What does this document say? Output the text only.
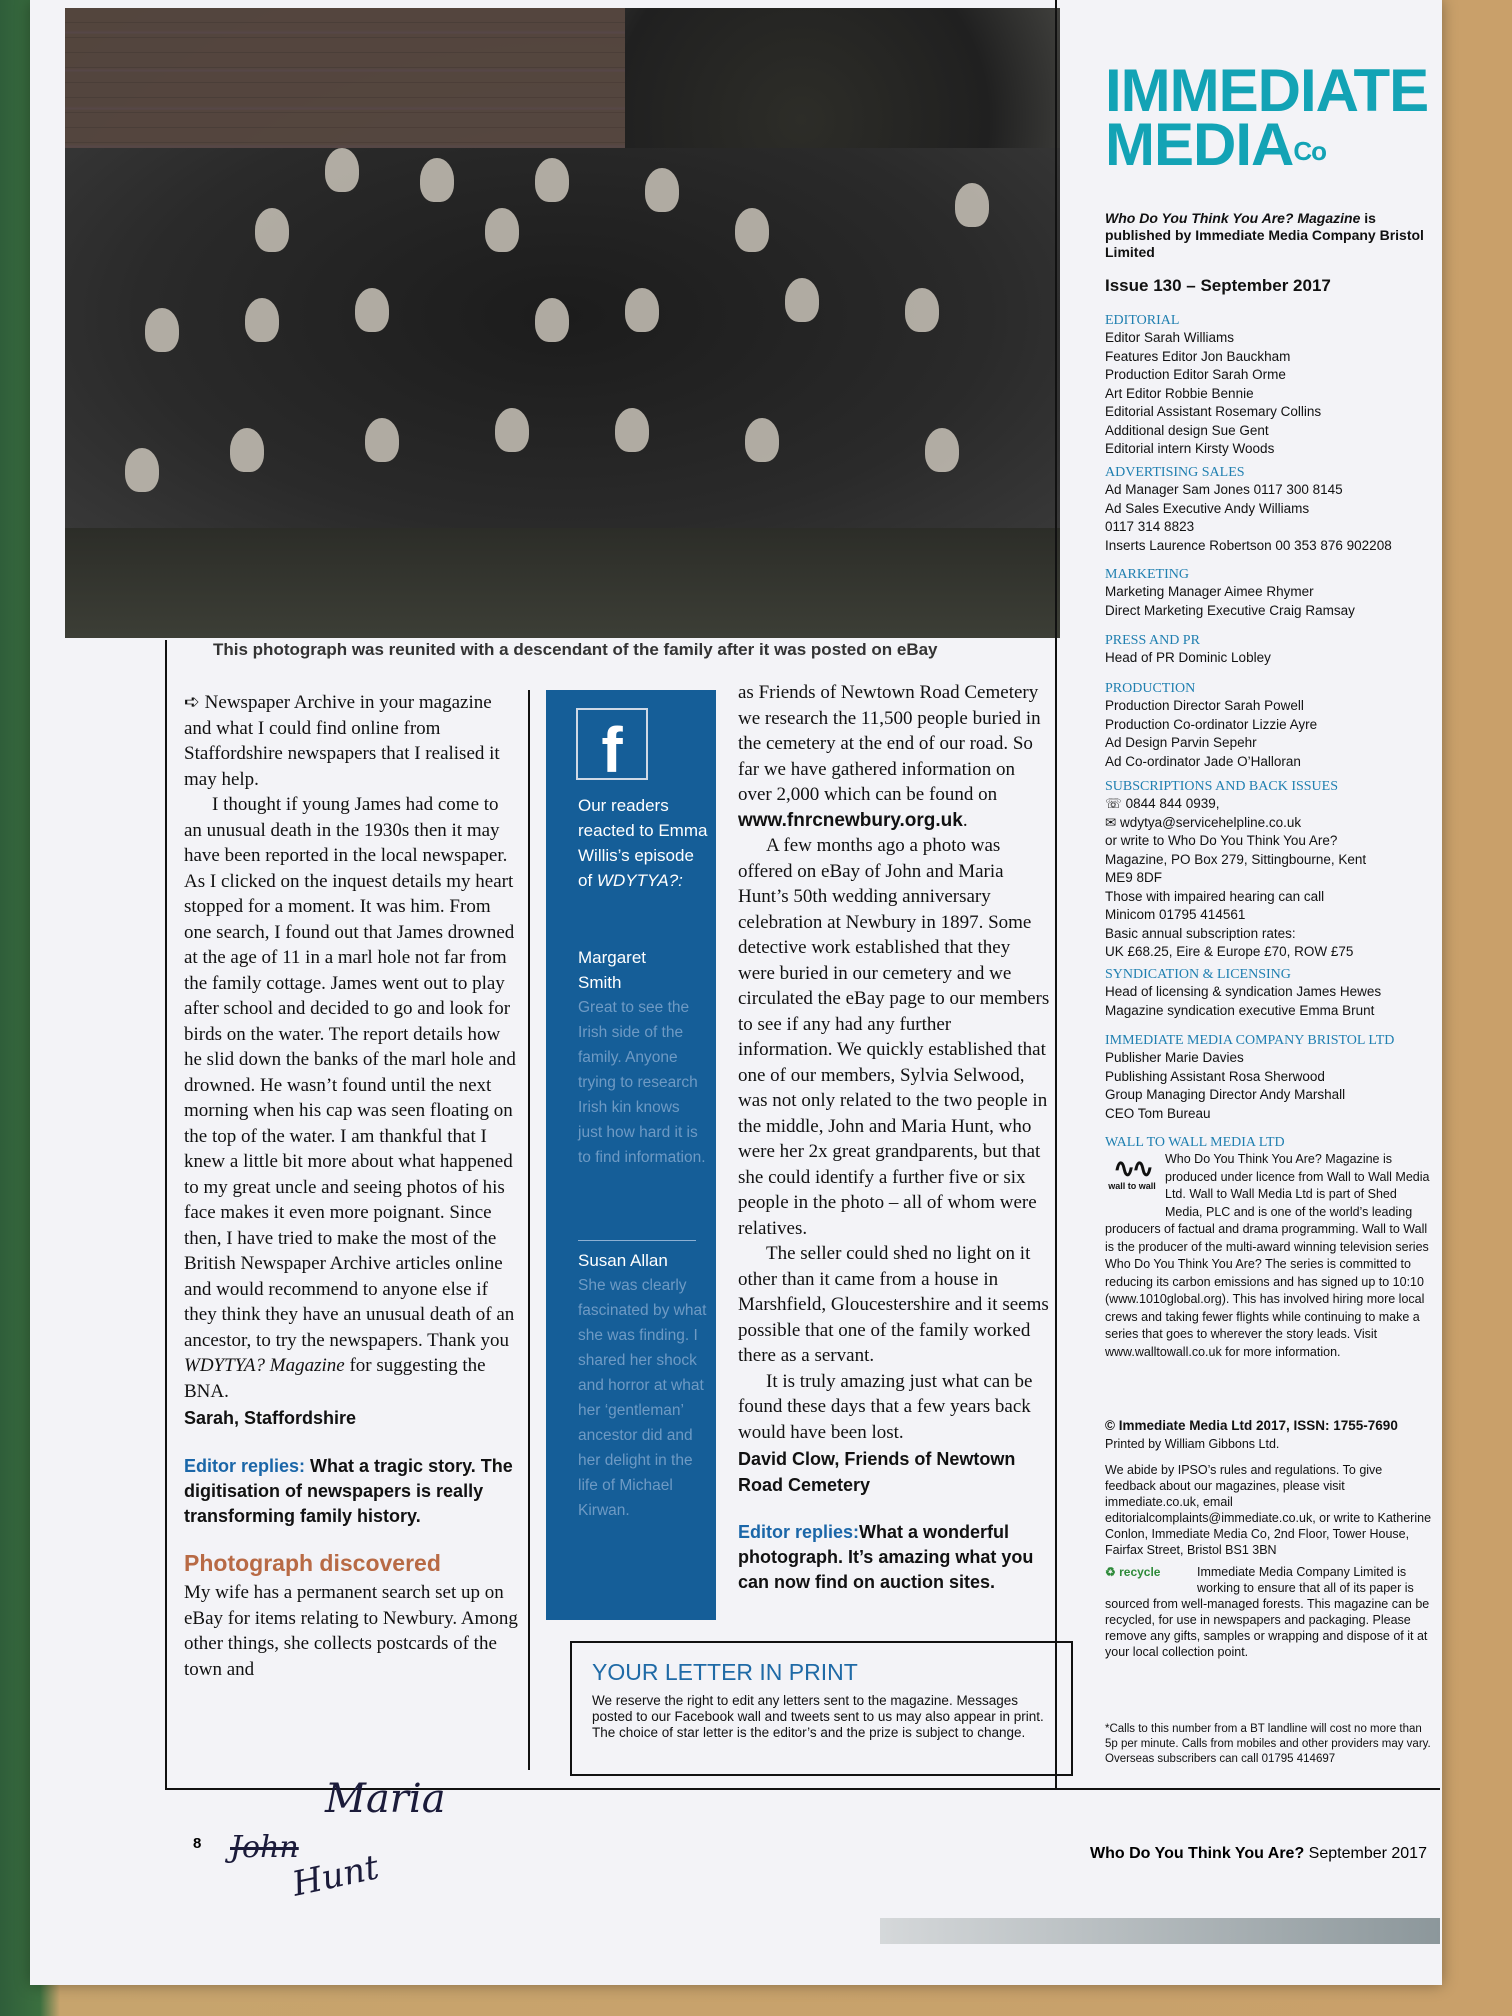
This photograph was reunited with a descendant of the family after it was posted on eBay

➪ Newspaper Archive in your magazine and what I could find online from Staffordshire newspapers that I realised it may help.

I thought if young James had come to an unusual death in the 1930s then it may have been reported in the local newspaper. As I clicked on the inquest details my heart stopped for a moment. It was him. From one search, I found out that James drowned at the age of 11 in a marl hole not far from the family cottage. James went out to play after school and decided to go and look for birds on the water. The report details how he slid down the banks of the marl hole and drowned. He wasn’t found until the next morning when his cap was seen floating on the top of the water. I am thankful that I knew a little bit more about what happened to my great uncle and seeing photos of his face makes it even more poignant. Since then, I have tried to make the most of the British Newspaper Archive articles online and would recommend to anyone else if they think they have an unusual death of an ancestor, to try the newspapers. Thank you WDYTYA? Magazine for suggesting the BNA.

Sarah, Staffordshire
Editor replies: What a tragic story. The digitisation of newspapers is really transforming family history.
Photograph discovered

My wife has a permanent search set up on eBay for items relating to Newbury. Among other things, she collects postcards of the town and

f
Our readers reacted to Emma Willis’s episode of WDYTYA?:
Margaret Smith
Great to see the Irish side of the family. Anyone trying to research Irish kin knows just how hard it is to find information.
Susan Allan
She was clearly fascinated by what she was finding. I shared her shock and horror at what her ‘gentleman’ ancestor did and her delight in the life of Michael Kirwan.

as Friends of Newtown Road Cemetery we research the 11,500 people buried in the cemetery at the end of our road. So far we have gathered information on over 2,000 which can be found on www.fnrcnewbury.org.uk.

A few months ago a photo was offered on eBay of John and Maria Hunt’s 50th wedding anniversary celebration at Newbury in 1897. Some detective work established that they were buried in our cemetery and we circulated the eBay page to our members to see if any had any further information. We quickly established that one of our members, Sylvia Selwood, was not only related to the two people in the middle, John and Maria Hunt, who were her 2x great grandparents, but that she could identify a further five or six people in the photo – all of whom were relatives.

The seller could shed no light on it other than it came from a house in Marshfield, Gloucestershire and it seems possible that one of the family worked there as a servant.

It is truly amazing just what can be found these days that a few years back would have been lost.

David Clow, Friends of Newtown Road Cemetery
Editor replies:What a wonderful photograph. It’s amazing what you can now find on auction sites.
YOUR LETTER IN PRINT
We reserve the right to edit any letters sent to the magazine. Messages posted to our Facebook wall and tweets sent to us may also appear in print. The choice of star letter is the editor’s and the prize is subject to change.
IMMEDIATE
$MEDIA^{Co}$
Who Do You Think You Are? Magazine is published by Immediate Media Company Bristol Limited
Issue 130 – September 2017
EDITORIAL
Editor Sarah Williams
Features Editor Jon Bauckham
Production Editor Sarah Orme
Art Editor Robbie Bennie
Editorial Assistant Rosemary Collins
Additional design Sue Gent
Editorial intern Kirsty Woods
ADVERTISING SALES
Ad Manager Sam Jones 0117 300 8145
Ad Sales Executive Andy Williams
0117 314 8823
Inserts Laurence Robertson 00 353 876 902208
MARKETING
Marketing Manager Aimee Rhymer
Direct Marketing Executive Craig Ramsay
PRESS AND PR
Head of PR Dominic Lobley
PRODUCTION
Production Director Sarah Powell
Production Co-ordinator Lizzie Ayre
Ad Design Parvin Sepehr
Ad Co-ordinator Jade O’Halloran
SUBSCRIPTIONS AND BACK ISSUES
☏ 0844 844 0939,
✉ wdytya@servicehelpline.co.uk
or write to Who Do You Think You Are?
Magazine, PO Box 279, Sittingbourne, Kent
ME9 8DF
Those with impaired hearing can call
Minicom 01795 414561
Basic annual subscription rates:
UK £68.25, Eire & Europe £70, ROW £75
SYNDICATION & LICENSING
Head of licensing & syndication James Hewes
Magazine syndication executive Emma Brunt
IMMEDIATE MEDIA COMPANY BRISTOL LTD
Publisher Marie Davies
Publishing Assistant Rosa Sherwood
Group Managing Director Andy Marshall
CEO Tom Bureau
WALL TO WALL MEDIA LTD
∿∿
wall to wall
Who Do You Think You Are? Magazine is produced under licence from Wall to Wall Media Ltd. Wall to Wall Media Ltd is part of Shed Media, PLC and is one of the world’s leading producers of factual and drama programming. Wall to Wall is the producer of the multi-award winning television series Who Do You Think You Are? The series is committed to reducing its carbon emissions and has signed up to 10:10 (www.1010global.org). This has involved hiring more local crews and taking fewer flights while continuing to make a series that goes to wherever the story leads. Visit www.walltowall.co.uk for more information.
© Immediate Media Ltd 2017, ISSN: 1755-7690
Printed by William Gibbons Ltd.
We abide by IPSO’s rules and regulations. To give feedback about our magazines, please visit immediate.co.uk, email editorialcomplaints@immediate.co.uk, or write to Katherine Conlon, Immediate Media Co, 2nd Floor, Tower House, Fairfax Street, Bristol BS1 3BN
♻ recycle	Immediate Media Company Limited is working to ensure that all of its paper is sourced from well-managed forests. This magazine can be recycled, for use in newspapers and packaging. Please remove any gifts, samples or wrapping and dispose of it at your local collection point.
*Calls to this number from a BT landline will cost no more than 5p per minute. Calls from mobiles and other providers may vary. Overseas subscribers can call 01795 414697
8
Who Do You Think You Are? September 2017
Maria
John
Hunt
